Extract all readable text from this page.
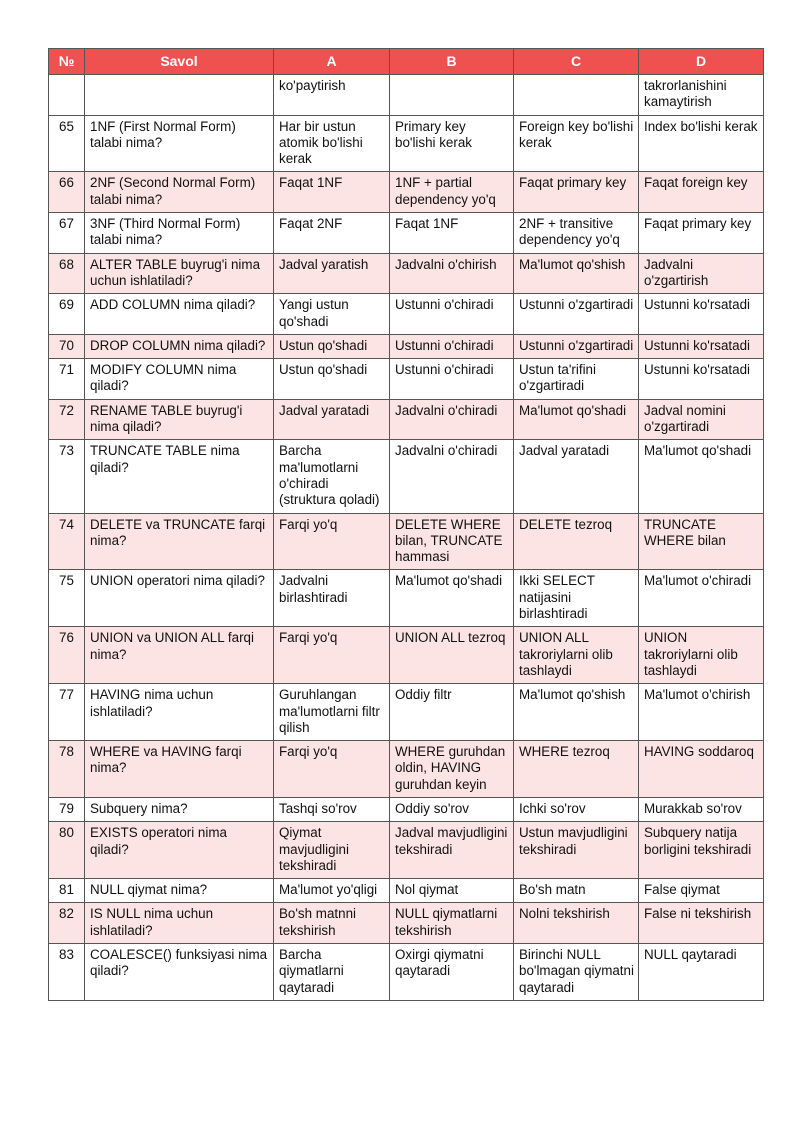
№	Savol	A	B	C	D
		ko'paytirish			takrorlanishini kamaytirish
65	1NF (First Normal Form) talabi nima?	Har bir ustun atomik bo'lishi kerak	Primary key bo'lishi kerak	Foreign key bo'lishi kerak	Index bo'lishi kerak
66	2NF (Second Normal Form) talabi nima?	Faqat 1NF	1NF + partial dependency yo'q	Faqat primary key	Faqat foreign key
67	3NF (Third Normal Form) talabi nima?	Faqat 2NF	Faqat 1NF	2NF + transitive dependency yo'q	Faqat primary key
68	ALTER TABLE buyrug'i nima uchun ishlatiladi?	Jadval yaratish	Jadvalni o'chirish	Ma'lumot qo'shish	Jadvalni o'zgartirish
69	ADD COLUMN nima qiladi?	Yangi ustun qo'shadi	Ustunni o'chiradi	Ustunni o'zgartiradi	Ustunni ko'rsatadi
70	DROP COLUMN nima qiladi?	Ustun qo'shadi	Ustunni o'chiradi	Ustunni o'zgartiradi	Ustunni ko'rsatadi
71	MODIFY COLUMN nima qiladi?	Ustun qo'shadi	Ustunni o'chiradi	Ustun ta'rifini o'zgartiradi	Ustunni ko'rsatadi
72	RENAME TABLE buyrug'i nima qiladi?	Jadval yaratadi	Jadvalni o'chiradi	Ma'lumot qo'shadi	Jadval nomini o'zgartiradi
73	TRUNCATE TABLE nima qiladi?	Barcha ma'lumotlarni o'chiradi (struktura qoladi)	Jadvalni o'chiradi	Jadval yaratadi	Ma'lumot qo'shadi
74	DELETE va TRUNCATE farqi nima?	Farqi yo'q	DELETE WHERE bilan, TRUNCATE hammasi	DELETE tezroq	TRUNCATE WHERE bilan
75	UNION operatori nima qiladi?	Jadvalni birlashtiradi	Ma'lumot qo'shadi	Ikki SELECT natijasini birlashtiradi	Ma'lumot o'chiradi
76	UNION va UNION ALL farqi nima?	Farqi yo'q	UNION ALL tezroq	UNION ALL takroriylarni olib tashlaydi	UNION takroriylarni olib tashlaydi
77	HAVING nima uchun ishlatiladi?	Guruhlangan ma'lumotlarni filtr qilish	Oddiy filtr	Ma'lumot qo'shish	Ma'lumot o'chirish
78	WHERE va HAVING farqi nima?	Farqi yo'q	WHERE guruhdan oldin, HAVING guruhdan keyin	WHERE tezroq	HAVING soddaroq
79	Subquery nima?	Tashqi so'rov	Oddiy so'rov	Ichki so'rov	Murakkab so'rov
80	EXISTS operatori nima qiladi?	Qiymat mavjudligini tekshiradi	Jadval mavjudligini tekshiradi	Ustun mavjudligini tekshiradi	Subquery natija borligini tekshiradi
81	NULL qiymat nima?	Ma'lumot yo'qligi	Nol qiymat	Bo'sh matn	False qiymat
82	IS NULL nima uchun ishlatiladi?	Bo'sh matnni tekshirish	NULL qiymatlarni tekshirish	Nolni tekshirish	False ni tekshirish
83	COALESCE() funksiyasi nima qiladi?	Barcha qiymatlarni qaytaradi	Oxirgi qiymatni qaytaradi	Birinchi NULL bo'lmagan qiymatni qaytaradi	NULL qaytaradi
